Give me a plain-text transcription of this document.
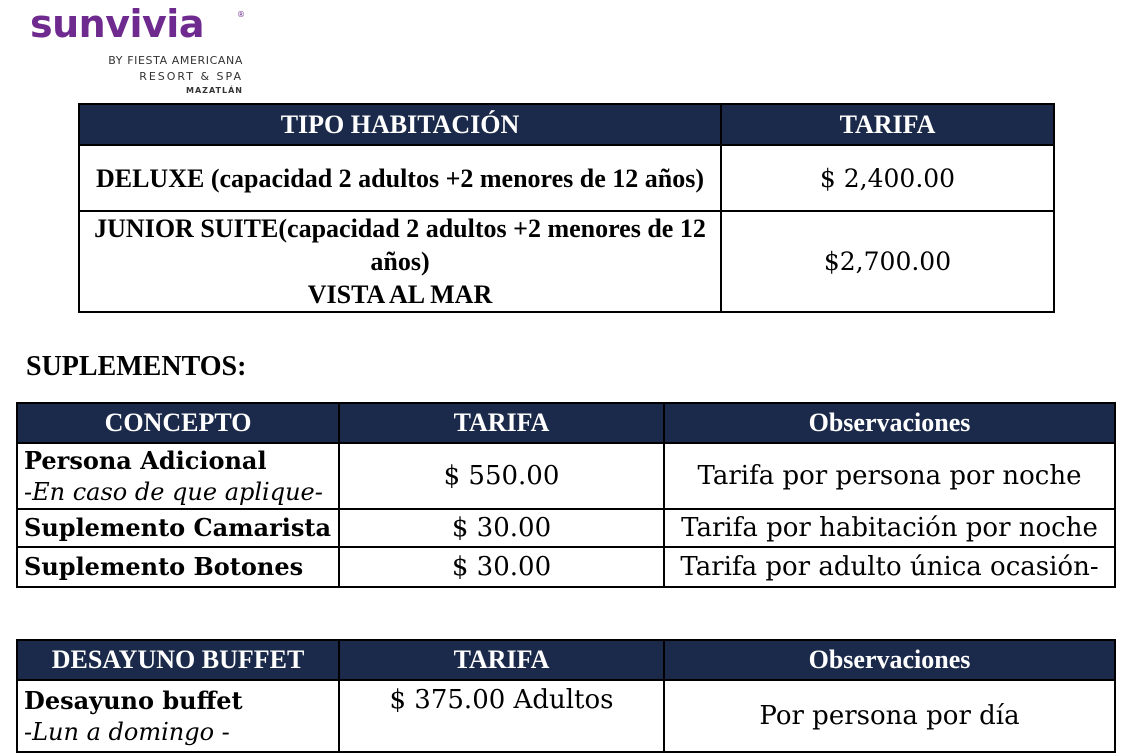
sunvivia	®
BY FIESTA AMERICANA
RESORT & SPA
MAZATLÁN
TIPO HABITACIÓN	TARIFA
DELUXE (capacidad 2 adultos +2 menores de 12 años)	$ 2,400.00
JUNIOR SUITE(capacidad 2 adultos +2 menores de 12 años)
VISTA AL MAR	$2,700.00
SUPLEMENTOS:
CONCEPTO	TARIFA	Observaciones
Persona Adicional
-En caso de que aplique-	$ 550.00	Tarifa por persona por noche
Suplemento Camarista	$ 30.00	Tarifa por habitación por noche
Suplemento Botones	$ 30.00	Tarifa por adulto única ocasión-
DESAYUNO BUFFET	TARIFA	Observaciones
Desayuno buffet
-Lun a domingo -	$ 375.00 Adultos	Por persona por día
